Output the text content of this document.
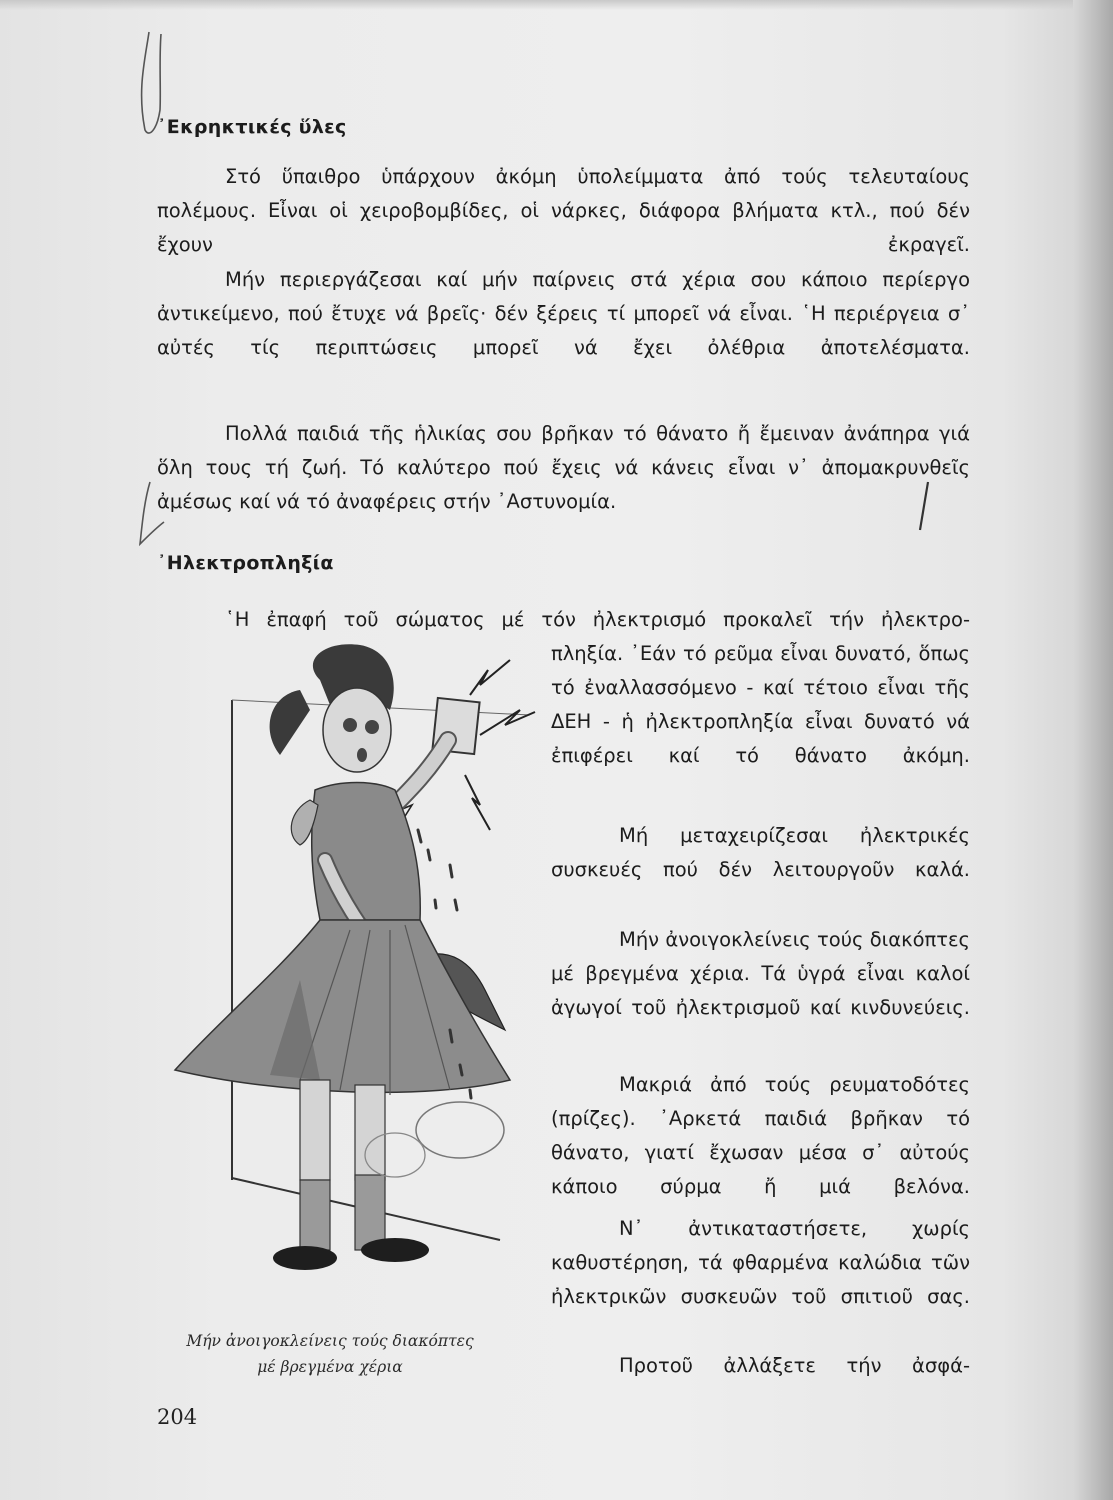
᾿Εκρηκτικές ὕλες

Στό ὕπαιθρο ὑπάρχουν ἀκόμη ὑπολείμματα ἀπό τούς τελευταίους πολέμους. Εἶναι οἱ χειροβομβίδες, οἱ νάρκες, διάφορα βλήματα κτλ., πού δέν ἔχουν ἐκραγεῖ.

Μήν περιεργάζεσαι καί μήν παίρνεις στά χέρια σου κάποιο περίεργο ἀντικείμενο, πού ἔτυχε νά βρεῖς· δέν ξέρεις τί μπορεῖ νά εἶναι. ῾Η περιέργεια σ᾿ αὐτές τίς περιπτώσεις μπορεῖ νά ἔχει ὀλέθρια ἀποτελέσματα.

Πολλά παιδιά τῆς ἡλικίας σου βρῆκαν τό θάνατο ἤ ἔμειναν ἀνάπηρα γιά ὅλη τους τή ζωή. Τό καλύτερο πού ἔχεις νά κάνεις εἶναι ν᾿ ἀπομακρυνθεῖς ἀμέσως καί νά τό ἀναφέρεις στήν ᾿Αστυνομία.

᾿Ηλεκτροπληξία

῾Η ἐπαφή τοῦ σώματος μέ τόν ἠλεκτρισμό προκαλεῖ τήν ἠλεκτρο-

πληξία. ᾿Εάν τό ρεῦμα εἶναι δυνατό, ὅπως τό ἐναλλασσόμενο - καί τέτοιο εἶναι τῆς ΔΕΗ - ἡ ἠλεκτροπληξία εἶναι δυνατό νά ἐπιφέρει καί τό θάνατο ἀκόμη.

Μή μεταχειρίζεσαι ἠλεκτρικές συσκευές πού δέν λειτουργοῦν καλά.

Μήν ἀνοιγοκλείνεις τούς διακόπτες μέ βρεγμένα χέρια. Τά ὑγρά εἶναι καλοί ἀγωγοί τοῦ ἠλεκτρισμοῦ καί κινδυνεύεις.

Μακριά ἀπό τούς ρευματοδότες (πρίζες). ᾿Αρκετά παιδιά βρῆκαν τό θάνατο, γιατί ἔχωσαν μέσα σ᾿ αὐτούς κάποιο σύρμα ἤ μιά βελόνα.

Ν᾿ ἀντικαταστήσετε, χωρίς καθυστέρηση, τά φθαρμένα καλώδια τῶν ἠλεκτρικῶν συσκευῶν τοῦ σπιτιοῦ σας.

Προτοῦ ἀλλάξετε τήν ἀσφά-

Μήν ἀνοιγοκλείνεις τούς διακόπτες
μέ βρεγμένα χέρια
204
